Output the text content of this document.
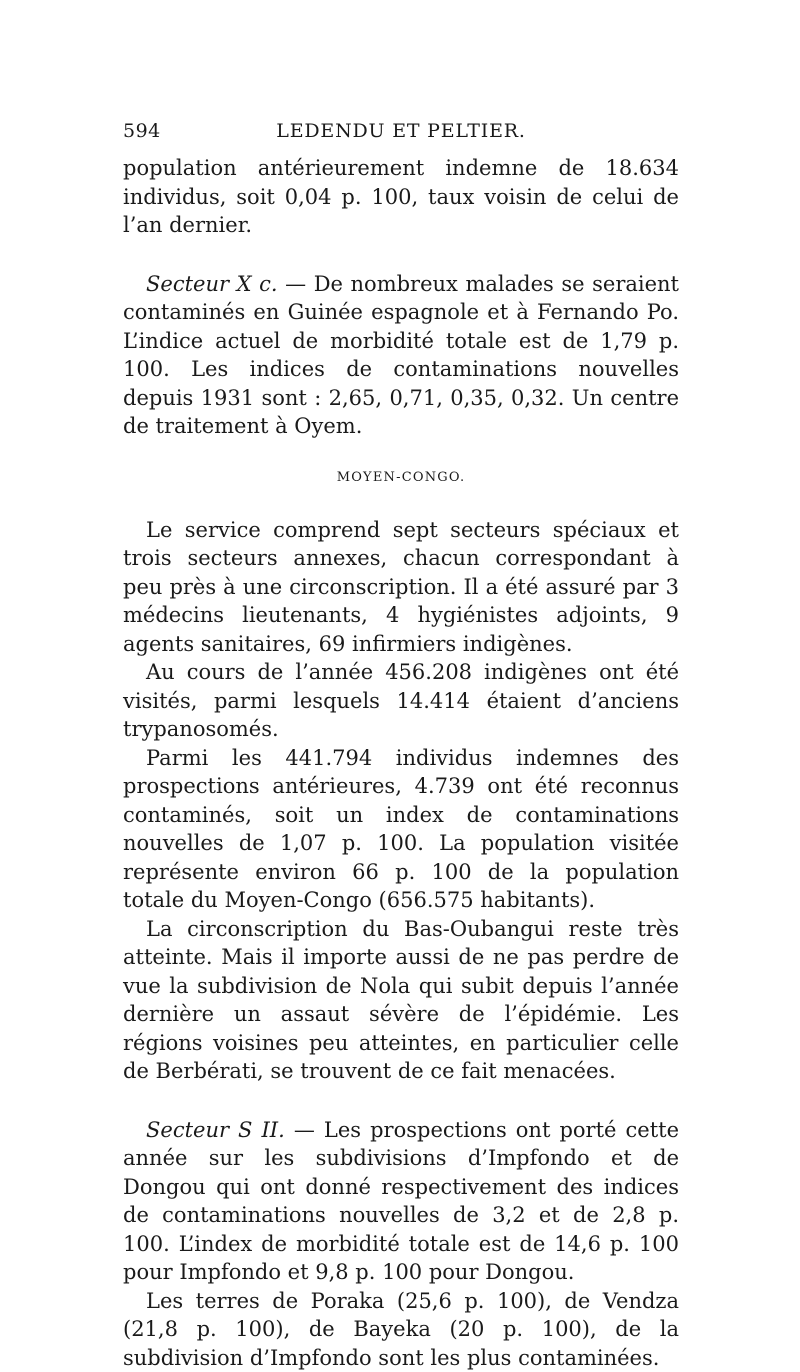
594	LEDENDU ET PELTIER.

population antérieurement indemne de 18.634 individus, soit 0,04 p. 100, taux voisin de celui de l’an dernier.

Secteur X c. — De nombreux malades se seraient contaminés en Guinée espagnole et à Fernando Po. L’indice actuel de morbidité totale est de 1,79 p. 100. Les indices de contaminations nouvelles depuis 1931 sont : 2,65, 0,71, 0,35, 0,32. Un centre de traitement à Oyem.

MOYEN-CONGO.

Le service comprend sept secteurs spéciaux et trois secteurs annexes, chacun correspondant à peu près à une circonscription. Il a été assuré par 3 médecins lieutenants, 4 hygiénistes adjoints, 9 agents sanitaires, 69 infirmiers indigènes.

Au cours de l’année 456.208 indigènes ont été visités, parmi lesquels 14.414 étaient d’anciens trypanosomés.

Parmi les 441.794 individus indemnes des prospections antérieures, 4.739 ont été reconnus contaminés, soit un index de contaminations nouvelles de 1,07 p. 100. La population visitée représente environ 66 p. 100 de la population totale du Moyen-Congo (656.575 habitants).

La circonscription du Bas-Oubangui reste très atteinte. Mais il importe aussi de ne pas perdre de vue la subdivision de Nola qui subit depuis l’année dernière un assaut sévère de l’épidémie. Les régions voisines peu atteintes, en particulier celle de Berbérati, se trouvent de ce fait menacées.

Secteur S II. — Les prospections ont porté cette année sur les subdivisions d’Impfondo et de Dongou qui ont donné respectivement des indices de contaminations nouvelles de 3,2 et de 2,8 p. 100. L’index de morbidité totale est de 14,6 p. 100 pour Impfondo et 9,8 p. 100 pour Dongou.

Les terres de Poraka (25,6 p. 100), de Vendza (21,8 p. 100), de Bayeka (20 p. 100), de la subdivision d’Impfondo sont les plus contaminées.
